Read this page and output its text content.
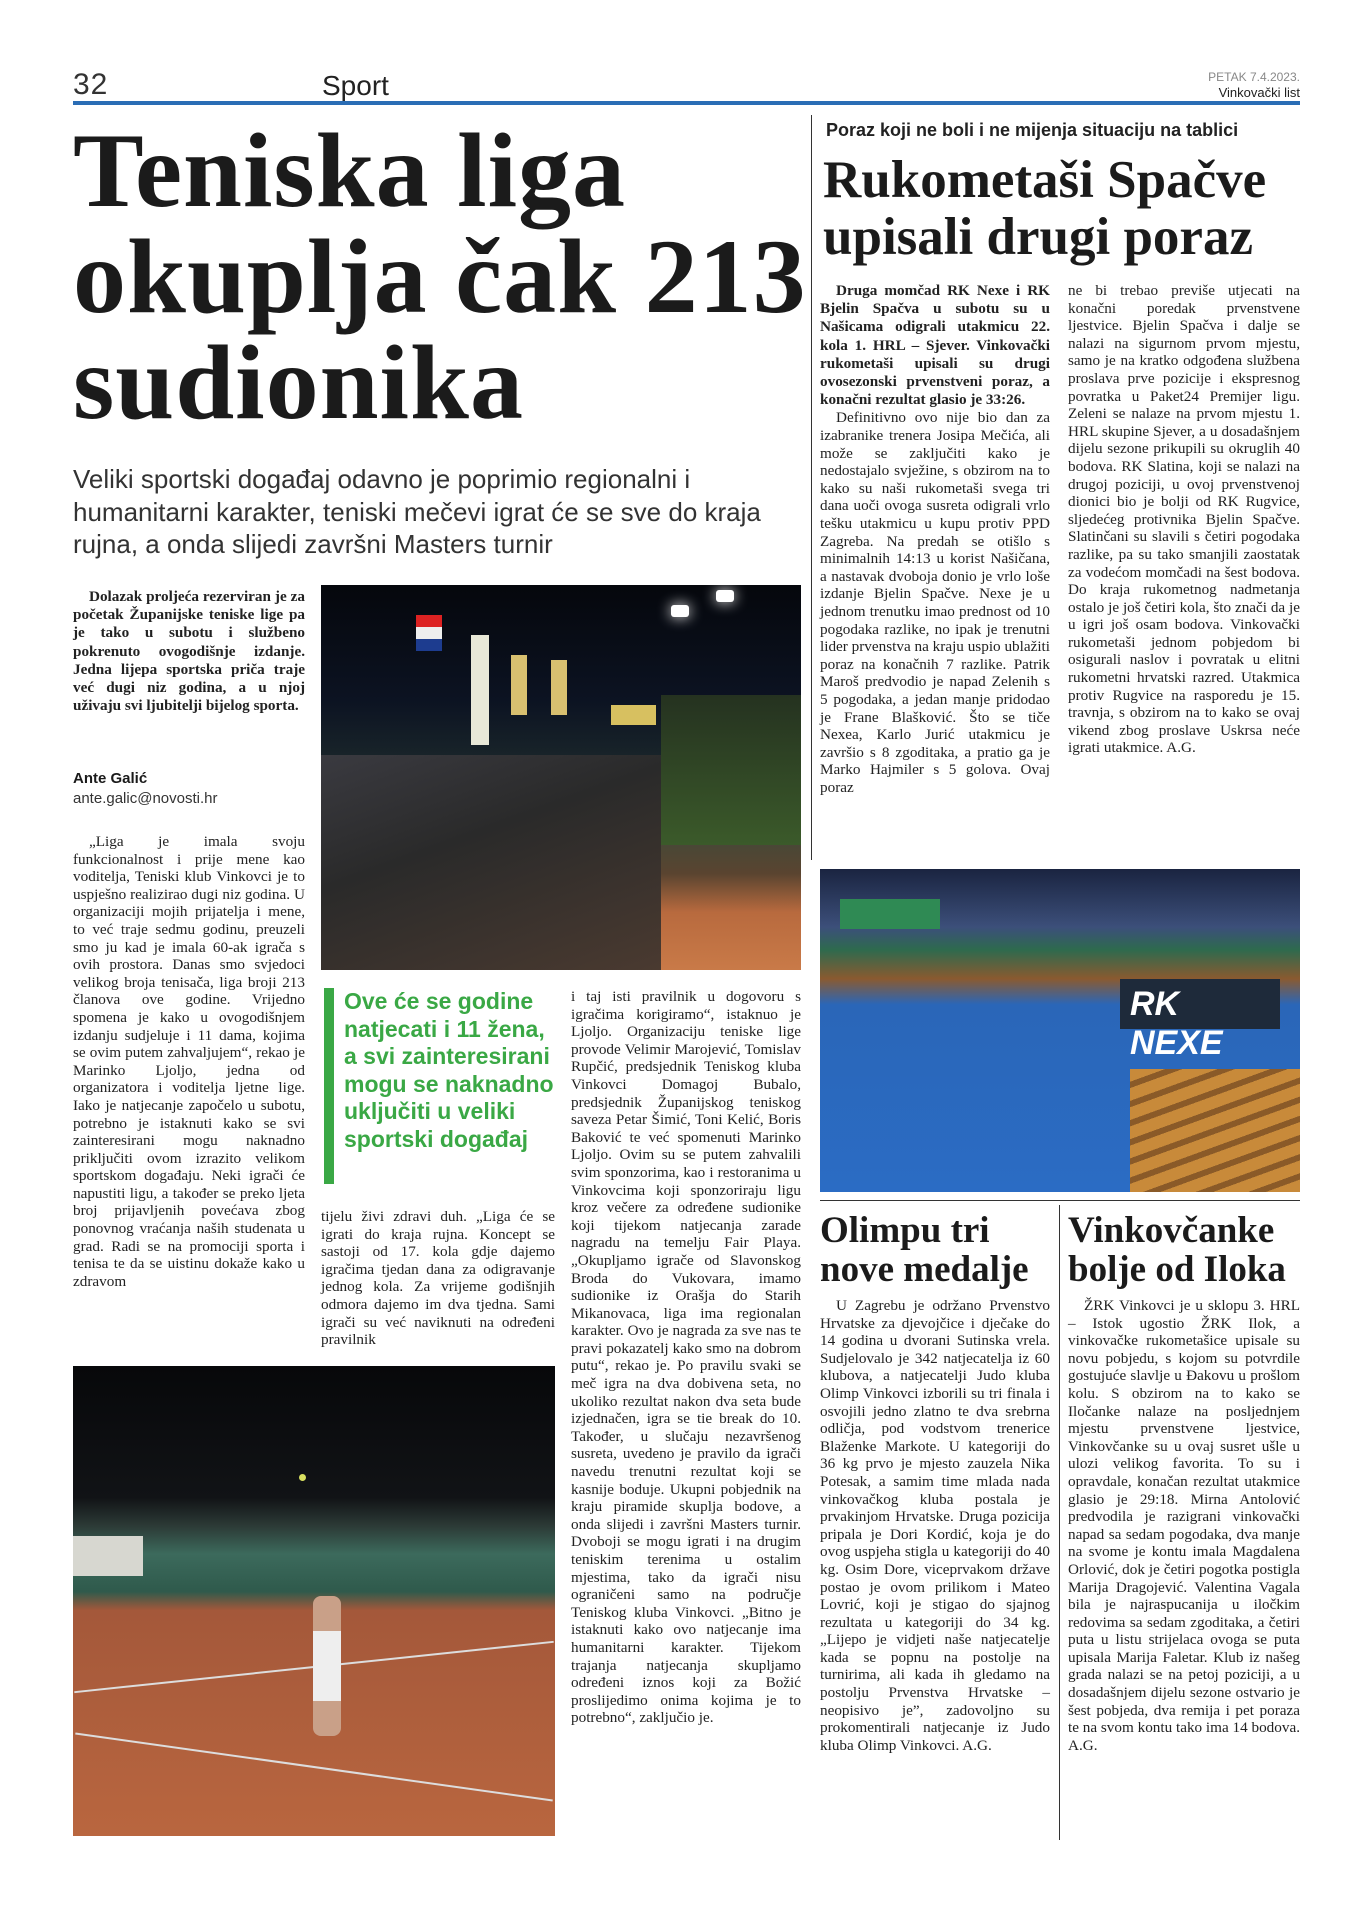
32	Sport	PETAK 7.4.2023.
Vinkovački list
Teniska liga okuplja čak 213 sudionika
Veliki sportski događaj odavno je poprimio regionalni i humanitarni karakter, teniski mečevi igrat će se sve do kraja rujna, a onda slijedi završni Masters turnir

Dolazak proljeća rezerviran je za početak Županijske teniske lige pa je tako u subotu i službeno pokrenuto ovogodišnje izdanje. Jedna lijepa sportska priča traje već dugi niz godina, a u njoj uživaju svi ljubitelji bijelog sporta.

Ante Galić
ante.galic@novosti.hr

„Liga je imala svoju funkcionalnost i prije mene kao voditelja, Teniski klub Vinkovci je to uspješno realizirao dugi niz godina. U organizaciji mojih prijatelja i mene, to već traje sedmu godinu, preuzeli smo ju kad je imala 60-ak igrača s ovih prostora. Danas smo svjedoci velikog broja tenisača, liga broji 213 članova ove godine. Vrijedno spomena je kako u ovogodišnjem izdanju sudjeluje i 11 dama, kojima se ovim putem zahvaljujem“, rekao je Marinko Ljoljo, jedna od organizatora i voditelja ljetne lige. Iako je natjecanje započelo u subotu, potrebno je istaknuti kako se svi zainteresirani mogu naknadno priključiti ovom izrazito velikom sportskom događaju. Neki igrači će napustiti ligu, a također se preko ljeta broj prijavljenih povećava zbog ponovnog vraćanja naših studenata u grad. Radi se na promociji sporta i tenisa te da se uistinu dokaže kako u zdravom

Ove će se godine natjecati i 11 žena, a svi zainteresirani mogu se naknadno uključiti u veliki sportski događaj

tijelu živi zdravi duh. „Liga će se igrati do kraja rujna. Koncept se sastoji od 17. kola gdje dajemo igračima tjedan dana za odigravanje jednog kola. Za vrijeme godišnjih odmora dajemo im dva tjedna. Sami igrači su već naviknuti na određeni pravilnik

i taj isti pravilnik u dogovoru s igračima korigiramo“, istaknuo je Ljoljo. Organizaciju teniske lige provode Velimir Marojević, Tomislav Rupčić, predsjednik Teniskog kluba Vinkovci Domagoj Bubalo, predsjednik Županijskog teniskog saveza Petar Šimić, Toni Kelić, Boris Baković te već spomenuti Marinko Ljoljo. Ovim su se putem zahvalili svim sponzorima, kao i restoranima u Vinkovcima koji sponzoriraju ligu kroz večere za određene sudionike koji tijekom natjecanja zarade nagradu na temelju Fair Playa. „Okupljamo igrače od Slavonskog Broda do Vukovara, imamo sudionike iz Orašja do Starih Mikanovaca, liga ima regionalan karakter. Ovo je nagrada za sve nas te pravi pokazatelj kako smo na dobrom putu“, rekao je. Po pravilu svaki se meč igra na dva dobivena seta, no ukoliko rezultat nakon dva seta bude izjednačen, igra se tie break do 10. Također, u slučaju nezavršenog susreta, uvedeno je pravilo da igrači navedu trenutni rezultat koji se kasnije boduje. Ukupni pobjednik na kraju piramide skuplja bodove, a onda slijedi i završni Masters turnir. Dvoboji se mogu igrati i na drugim teniskim terenima u ostalim mjestima, tako da igrači nisu ograničeni samo na područje Teniskog kluba Vinkovci. „Bitno je istaknuti kako ovo natjecanje ima humanitarni karakter. Tijekom trajanja natjecanja skupljamo određeni iznos koji za Božić proslijedimo onima kojima je to potrebno“, zaključio je.

Poraz koji ne boli i ne mijenja situaciju na tablici
Rukometaši Spačve upisali drugi poraz

Druga momčad RK Nexe i RK Bjelin Spačva u subotu su u Našicama odigrali utakmicu 22. kola 1. HRL – Sjever. Vinkovački rukometaši upisali su drugi ovosezonski prvenstveni poraz, a konačni rezultat glasio je 33:26.

Definitivno ovo nije bio dan za izabranike trenera Josipa Mečića, ali može se zaključiti kako je nedostajalo svježine, s obzirom na to kako su naši rukometaši svega tri dana uoči ovoga susreta odigrali vrlo tešku utakmicu u kupu protiv PPD Zagreba. Na predah se otišlo s minimalnih 14:13 u korist Našičana, a nastavak dvoboja donio je vrlo loše izdanje Bjelin Spačve. Nexe je u jednom trenutku imao prednost od 10 pogodaka razlike, no ipak je trenutni lider prvenstva na kraju uspio ublažiti poraz na konačnih 7 razlike. Patrik Maroš predvodio je napad Zelenih s 5 pogodaka, a jedan manje pridodao je Frane Blašković. Što se tiče Nexea, Karlo Jurić utakmicu je završio s 8 zgoditaka, a pratio ga je Marko Hajmiler s 5 golova. Ovaj poraz

ne bi trebao previše utjecati na konačni poredak prvenstvene ljestvice. Bjelin Spačva i dalje se nalazi na sigurnom prvom mjestu, samo je na kratko odgođena službena proslava prve pozicije i ekspresnog povratka u Paket24 Premijer ligu. Zeleni se nalaze na prvom mjestu 1. HRL skupine Sjever, a u dosadašnjem dijelu sezone prikupili su okruglih 40 bodova. RK Slatina, koji se nalazi na drugoj poziciji, u ovoj prvenstvenoj dionici bio je bolji od RK Rugvice, sljedećeg protivnika Bjelin Spačve. Slatinčani su slavili s četiri pogodaka razlike, pa su tako smanjili zaostatak za vodećom momčadi na šest bodova. Do kraja rukometnog nadmetanja ostalo je još četiri kola, što znači da je u igri još osam bodova. Vinkovački rukometaši jednom pobjedom bi osigurali naslov i povratak u elitni rukometni hrvatski razred. Utakmica protiv Rugvice na rasporedu je 15. travnja, s obzirom na to kako se ovaj vikend zbog proslave Uskrsa neće igrati utakmice. A.G.

RK NEXE
Olimpu tri nove medalje

U Zagrebu je održano Prvenstvo Hrvatske za djevojčice i dječake do 14 godina u dvorani Sutinska vrela. Sudjelovalo je 342 natjecatelja iz 60 klubova, a natjecatelji Judo kluba Olimp Vinkovci izborili su tri finala i osvojili jedno zlatno te dva srebrna odličja, pod vodstvom trenerice Blaženke Markote. U kategoriji do 36 kg prvo je mjesto zauzela Nika Potesak, a samim time mlada nada vinkovačkog kluba postala je prvakinjom Hrvatske. Druga pozicija pripala je Dori Kordić, koja je do ovog uspjeha stigla u kategoriji do 40 kg. Osim Dore, viceprvakom države postao je ovom prilikom i Mateo Lovrić, koji je stigao do sjajnog rezultata u kategoriji do 34 kg. „Lijepo je vidjeti naše natjecatelje kada se popnu na postolje na turnirima, ali kada ih gledamo na postolju Prvenstva Hrvatske – neopisivo je”, zadovoljno su prokomentirali natjecanje iz Judo kluba Olimp Vinkovci. A.G.

Vinkovčanke bolje od Iloka

ŽRK Vinkovci je u sklopu 3. HRL – Istok ugostio ŽRK Ilok, a vinkovačke rukometašice upisale su novu pobjedu, s kojom su potvrdile gostujuće slavlje u Đakovu u prošlom kolu. S obzirom na to kako se Iločanke nalaze na posljednjem mjestu prvenstvene ljestvice, Vinkovčanke su u ovaj susret ušle u ulozi velikog favorita. To su i opravdale, konačan rezultat utakmice glasio je 29:18. Mirna Antolović predvodila je razigrani vinkovački napad sa sedam pogodaka, dva manje na svome je kontu imala Magdalena Orlović, dok je četiri pogotka postigla Marija Dragojević. Valentina Vagala bila je najraspucanija u iločkim redovima sa sedam zgoditaka, a četiri puta u listu strijelaca ovoga se puta upisala Marija Faletar. Klub iz našeg grada nalazi se na petoj poziciji, a u dosadašnjem dijelu sezone ostvario je šest pobjeda, dva remija i pet poraza te na svom kontu tako ima 14 bodova. A.G.
